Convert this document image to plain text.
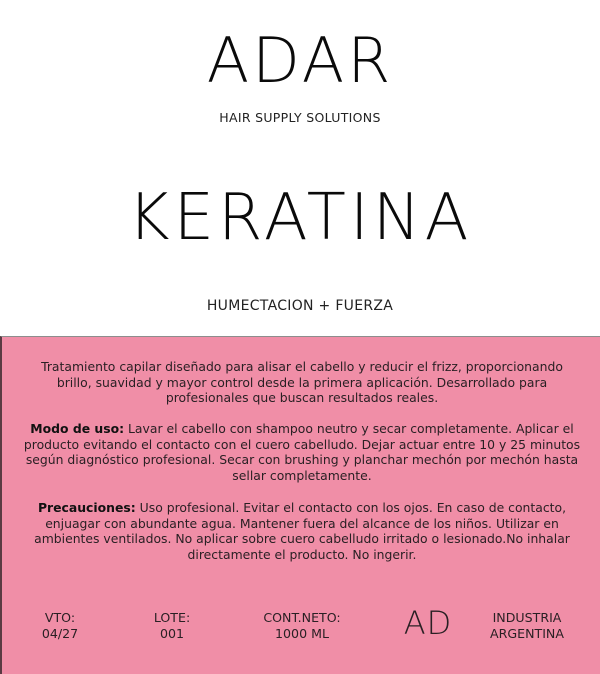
ADAR
HAIR SUPPLY SOLUTIONS
KERATINA
HUMECTACION + FUERZA
Tratamiento capilar diseñado para alisar el cabello y reducir el frizz, proporcionando brillo, suavidad y mayor control desde la primera aplicación. Desarrollado para profesionales que buscan resultados reales.
Modo de uso: Lavar el cabello con shampoo neutro y secar completamente. Aplicar el producto evitando el contacto con el cuero cabelludo. Dejar actuar entre 10 y 25 minutos según diagnóstico profesional. Secar con brushing y planchar mechón por mechón hasta sellar completamente.
Precauciones: Uso profesional. Evitar el contacto con los ojos. En caso de contacto, enjuagar con abundante agua. Mantener fuera del alcance de los niños. Utilizar en ambientes ventilados. No aplicar sobre cuero cabelludo irritado o lesionado.No inhalar directamente el producto. No ingerir.
VTO:
04/27
LOTE:
001
CONT.NETO:
1000 ML	AD	INDUSTRIA
ARGENTINA
